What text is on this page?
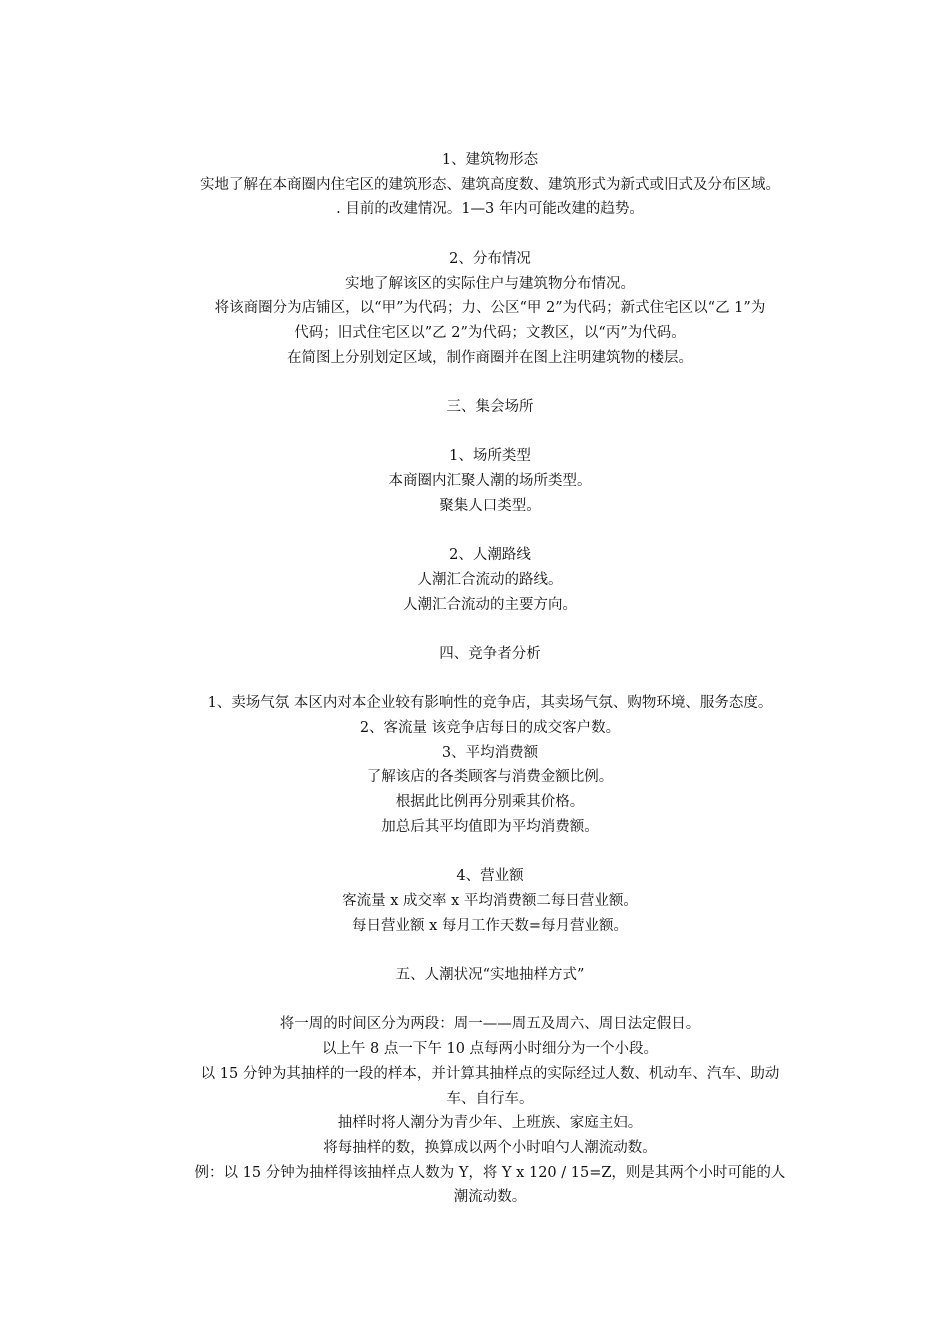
1、建筑物形态
实地了解在本商圈内住宅区的建筑形态、建筑高度数、建筑形式为新式或旧式及分布区域。
. 目前的改建情况。1—3 年内可能改建的趋势。
2、分布情况
实地了解该区的实际住户与建筑物分布情况。
将该商圈分为店铺区，以“甲”为代码；力、公区“甲 2”为代码；新式住宅区以“乙 1”为
代码；旧式住宅区以”乙 2”为代码；文教区，以“丙”为代码。
在简图上分别划定区域，制作商圈并在图上注明建筑物的楼层。
三、集会场所
1、场所类型
本商圈内汇聚人潮的场所类型。
聚集人口类型。
2、人潮路线
人潮汇合流动的路线。
人潮汇合流动的主要方向。
四、竞争者分析
1、卖场气氛 本区内对本企业较有影响性的竞争店，其卖场气氛、购物环境、服务态度。
2、客流量 该竞争店每日的成交客户数。
3、平均消费额
了解该店的各类顾客与消费金额比例。
根据此比例再分别乘其价格。
加总后其平均值即为平均消费额。
4、营业额
客流量 x 成交率 x 平均消费额二每日营业额。
每日营业额 x 每月工作天数=每月营业额。
五、人潮状况“实地抽样方式”
将一周的时间区分为两段：周一——周五及周六、周日法定假日。
以上午 8 点一下午 10 点每两小时细分为一个小段。
以 15 分钟为其抽样的一段的样本，并计算其抽样点的实际经过人数、机动车、汽车、助动
车、自行车。
抽样时将人潮分为青少年、上班族、家庭主妇。
将每抽样的数，换算成以两个小时咱勺人潮流动数。
例：以 15 分钟为抽样得该抽样点人数为 Y，将 Y x 120 / 15=Z，则是其两个小时可能的人
潮流动数。
